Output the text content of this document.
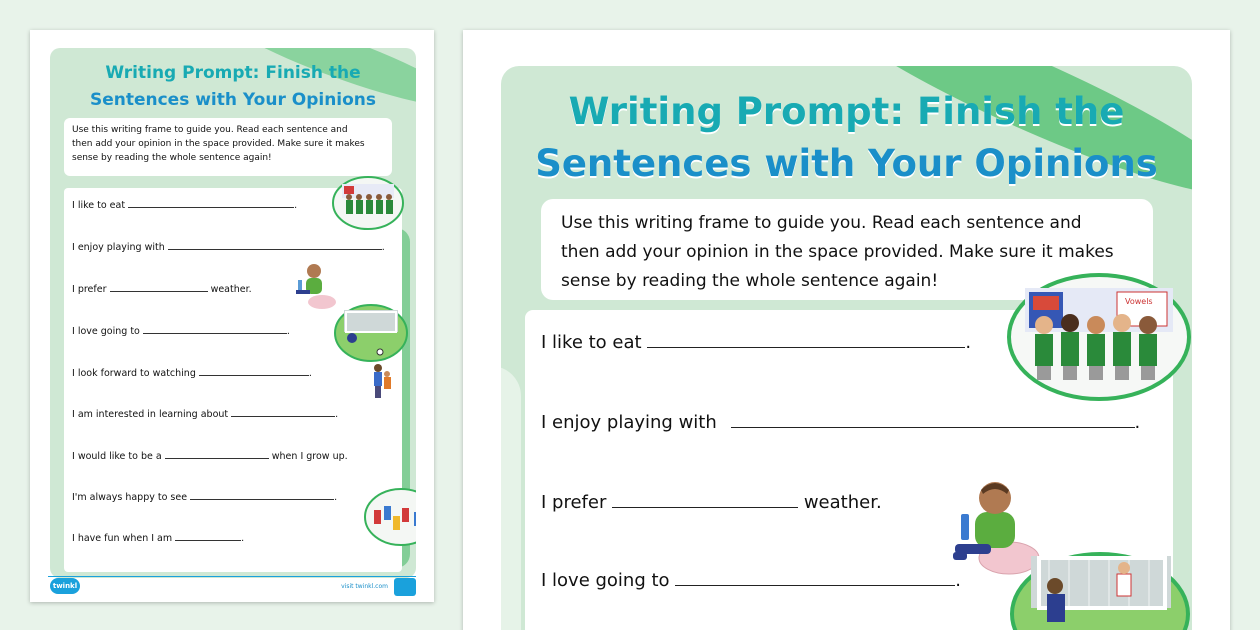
Writing Prompt: Finish the
Sentences with Your Opinions
Use this writing frame to guide you. Read each sentence and
then add your opinion in the space provided. Make sure it makes
sense by reading the whole sentence again!
I like to eat	.
I enjoy playing with	.
I prefer	weather.
I love going to	.
I look forward to watching	.
I am interested in learning about	.
I would like to be a	when I grow up.
I'm always happy to see	.
I have fun when I am	.
twinkl	visit twinkl.com
Writing Prompt: Finish the
Sentences with Your Opinions
Use this writing frame to guide you. Read each sentence and
then add your opinion in the space provided. Make sure it makes
sense by reading the whole sentence again!
I like to eat	.
I enjoy playing with	.
I prefer	weather.
I love going to	.
Vowels
